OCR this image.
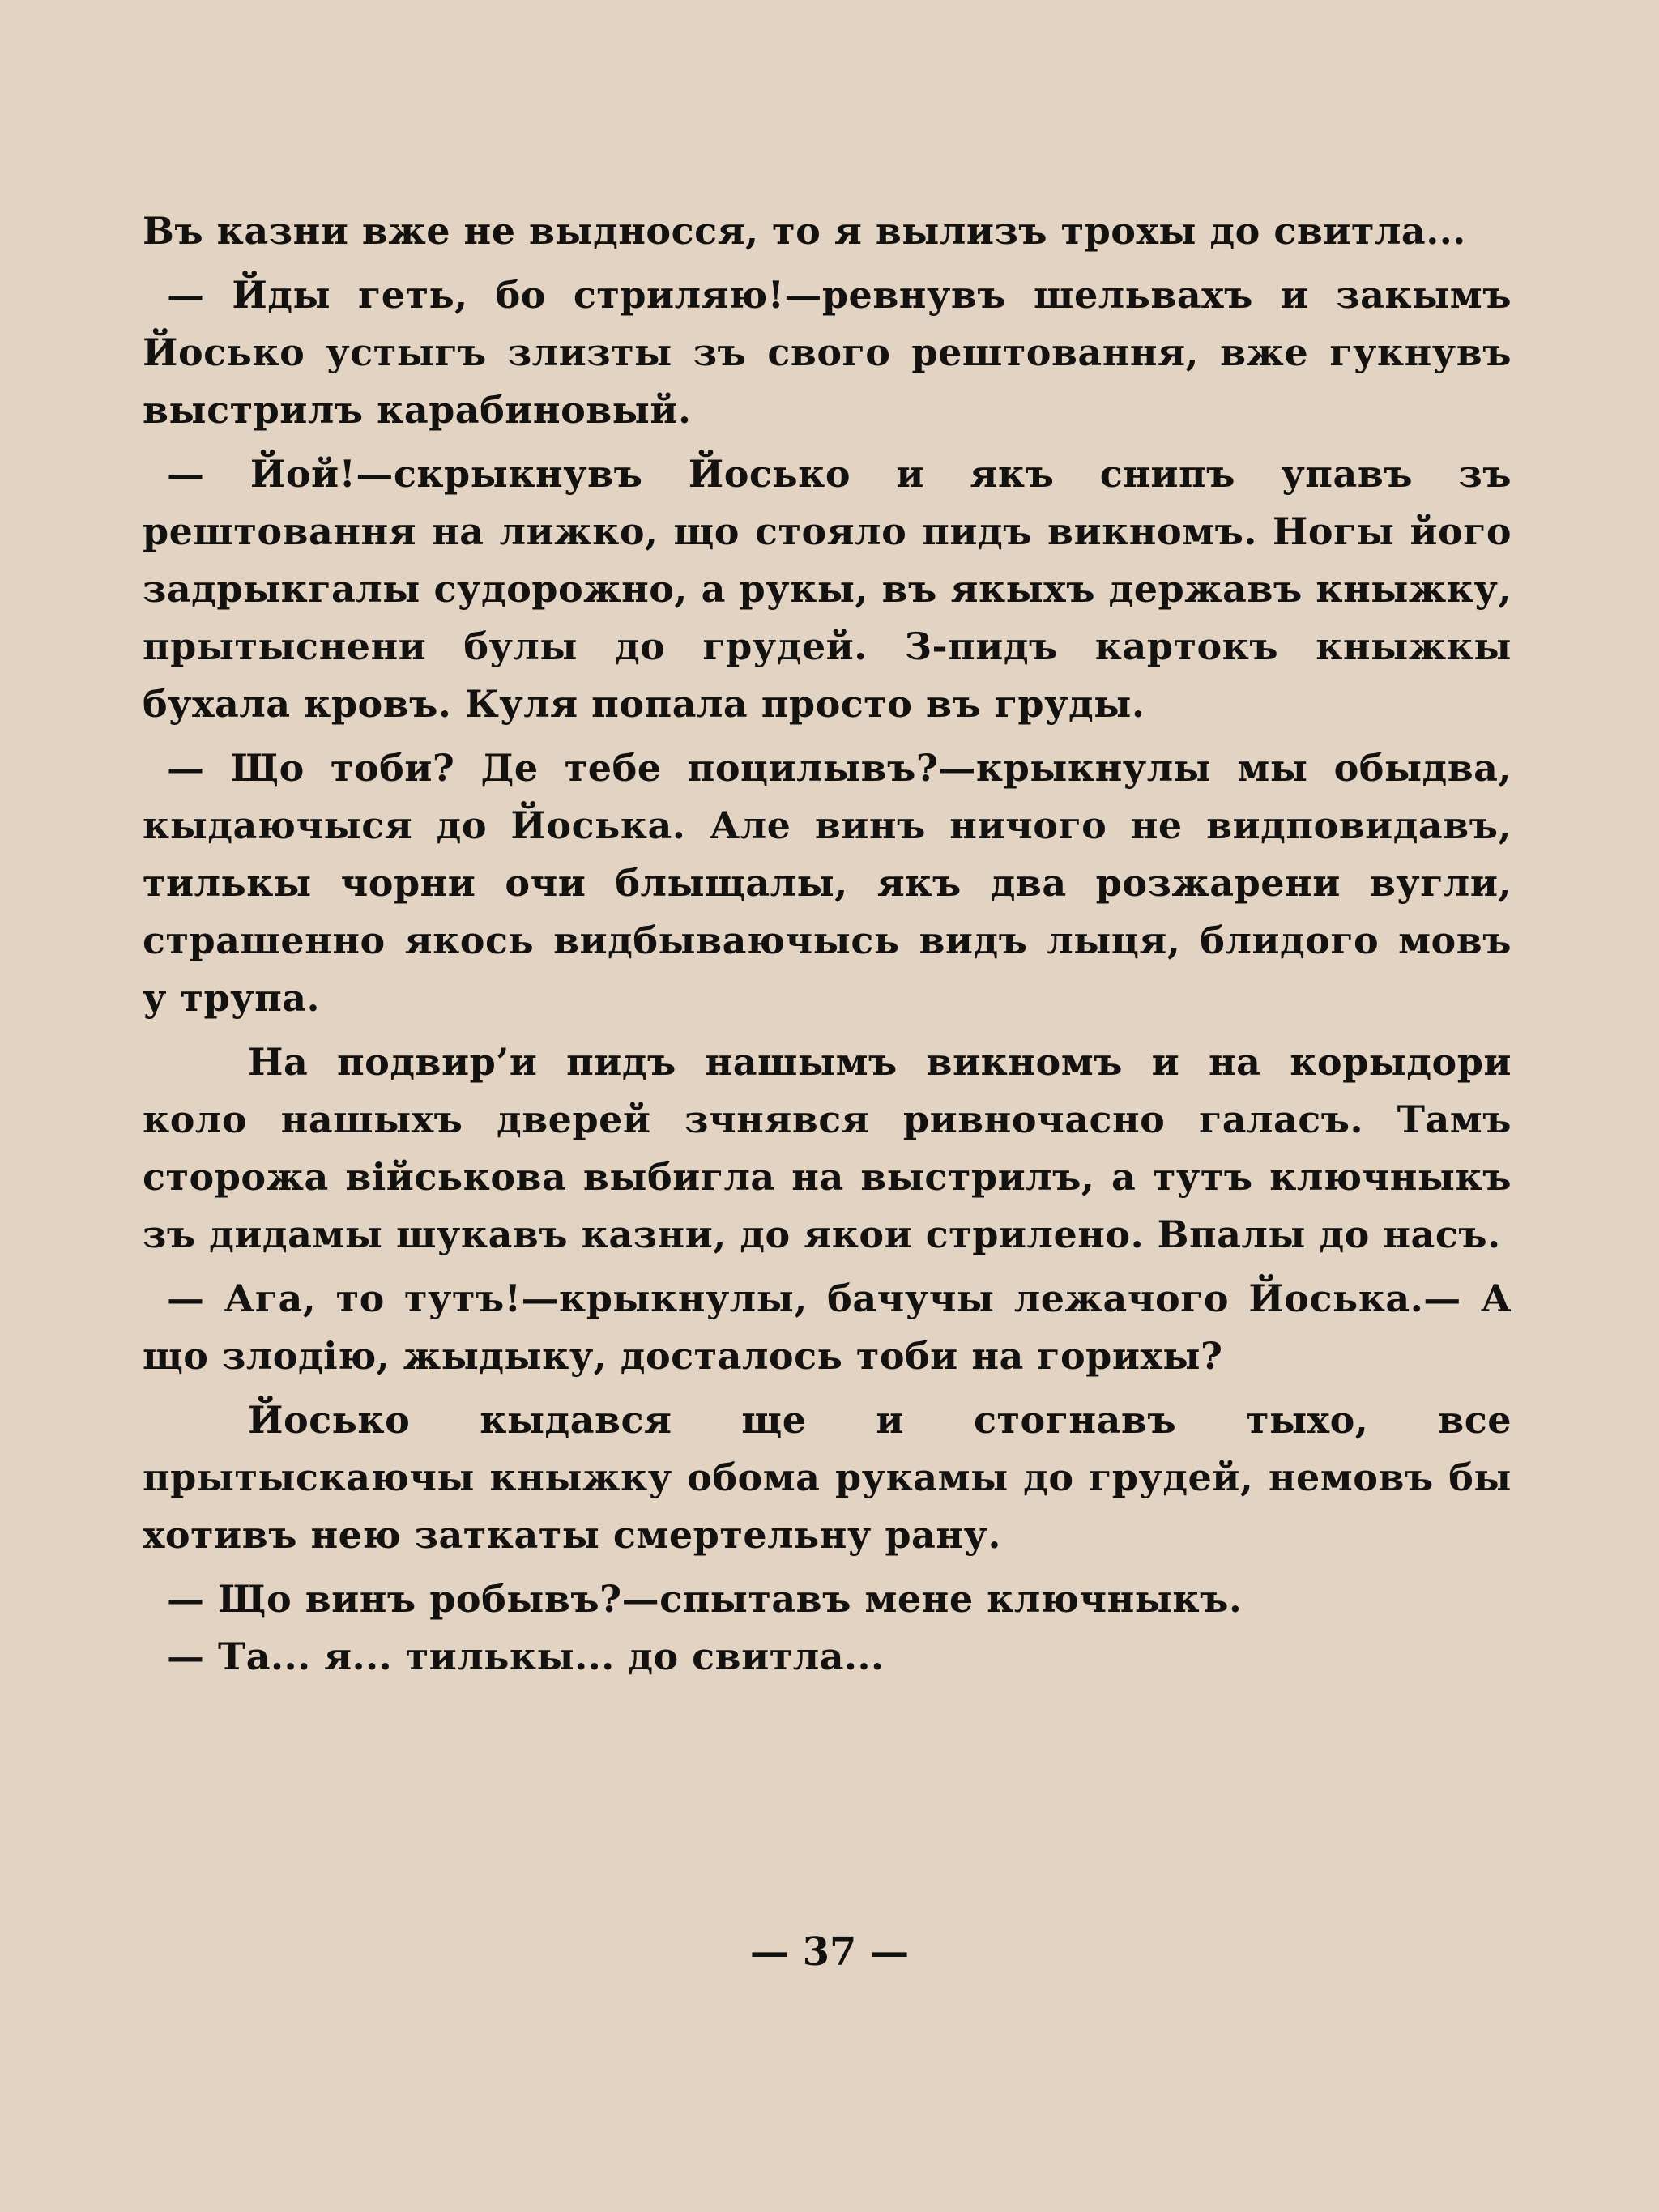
Въ казни вже не выдносся, то я вылизъ трохы до свитла...

— Йды геть, бо стриляю!—ревнувъ шельвахъ и закымъ Йосько устыгъ злизты зъ свого рештовання, вже гукнувъ выстрилъ карабиновый.

— Йой!—скрыкнувъ Йосько и якъ снипъ упавъ зъ рештовання на лижко, що стояло пидъ викномъ. Ногы його задрыкгалы судорожно, а рукы, въ якыхъ державъ кныжку, прытыснени булы до грудей. З-пидъ картокъ кныжкы бухала кровъ. Куля попала просто въ груды.

— Що тоби? Де тебе поцилывъ?—крыкнулы мы обыдва, кыдаючыся до Йоська. Але винъ ничого не видповидавъ, тилькы чорни очи блыщалы, якъ два розжарени вугли, страшенно якось видбываючысь видъ лыця, блидого мовъ у трупа.

На подвир’и пидъ нашымъ викномъ и на корыдори коло нашыхъ дверей зчнявся ривночасно галасъ. Тамъ сторожа військова выбигла на выстрилъ, а тутъ ключныкъ зъ дидамы шукавъ казни, до якои стрилено. Впалы до насъ.

— Ага, то тутъ!—крыкнулы, бачучы лежачого Йоська.— А що злодію, жыдыку, досталось тоби на горихы?

Йосько кыдався ще и стогнавъ тыхо, все прытыскаючы кныжку обома рукамы до грудей, немовъ бы хотивъ нею заткаты смертельну рану.

— Що винъ робывъ?—спытавъ мене ключныкъ.

— Та... я... тилькы... до свитла...

— 37 —
